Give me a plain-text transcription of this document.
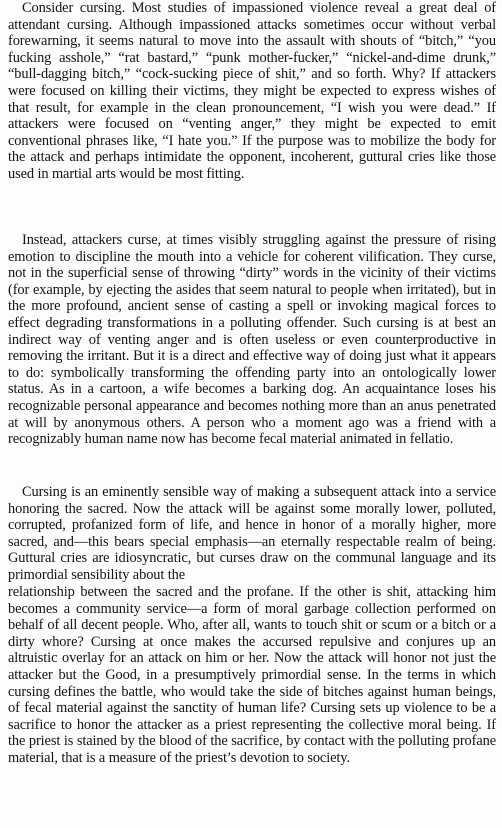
Consider cursing. Most studies of impassioned violence reveal a great deal of attendant cursing. Although impassioned attacks sometimes occur without verbal forewarning, it seems natural to move into the assault with shouts of “bitch,” “you fucking asshole,” “rat bastard,” “punk mother-fucker,” “nickel-and-dime drunk,” “bull-dagging bitch,” “cock-sucking piece of shit,” and so forth. Why? If attackers were focused on killing their victims, they might be expected to express wishes of that result, for example in the clean pronouncement, “I wish you were dead.” If attackers were focused on “venting anger,” they might be expected to emit conventional phrases like, “I hate you.” If the purpose was to mobilize the body for the attack and perhaps intimidate the opponent, incoherent, guttural cries like those used in martial arts would be most fitting.

Instead, attackers curse, at times visibly struggling against the pressure of rising emotion to discipline the mouth into a vehicle for coherent vilification. They curse, not in the superficial sense of throwing “dirty” words in the vicinity of their victims (for example, by ejecting the asides that seem natural to people when irritated), but in the more profound, ancient sense of casting a spell or invoking magical forces to effect degrading transformations in a polluting offender. Such cursing is at best an indirect way of venting anger and is often useless or even counterproductive in removing the irritant. But it is a direct and effective way of doing just what it appears to do: symbolically transforming the offending party into an ontologically lower status. As in a cartoon, a wife becomes a barking dog. An acquaintance loses his recognizable personal appearance and becomes nothing more than an anus penetrated at will by anonymous others. A person who a moment ago was a friend with a recognizably human name now has become fecal material animated in fellatio.

Cursing is an eminently sensible way of making a subsequent attack into a service honoring the sacred. Now the attack will be against some morally lower, polluted, corrupted, profanized form of life, and hence in honor of a morally higher, more sacred, and—this bears special emphasis—an eternally respectable realm of being. Guttural cries are idiosyncratic, but curses draw on the communal language and its primordial sensibility about the

relationship between the sacred and the profane. If the other is shit, attacking him becomes a community service—a form of moral garbage collection performed on behalf of all decent people. Who, after all, wants to touch shit or scum or a bitch or a dirty whore? Cursing at once makes the accursed repulsive and conjures up an altruistic overlay for an attack on him or her. Now the attack will honor not just the attacker but the Good, in a presumptively primordial sense. In the terms in which cursing defines the battle, who would take the side of bitches against human beings, of fecal material against the sanctity of human life? Cursing sets up violence to be a sacrifice to honor the attacker as a priest representing the collective moral being. If the priest is stained by the blood of the sacrifice, by contact with the polluting profane material, that is a measure of the priest’s devotion to society.
